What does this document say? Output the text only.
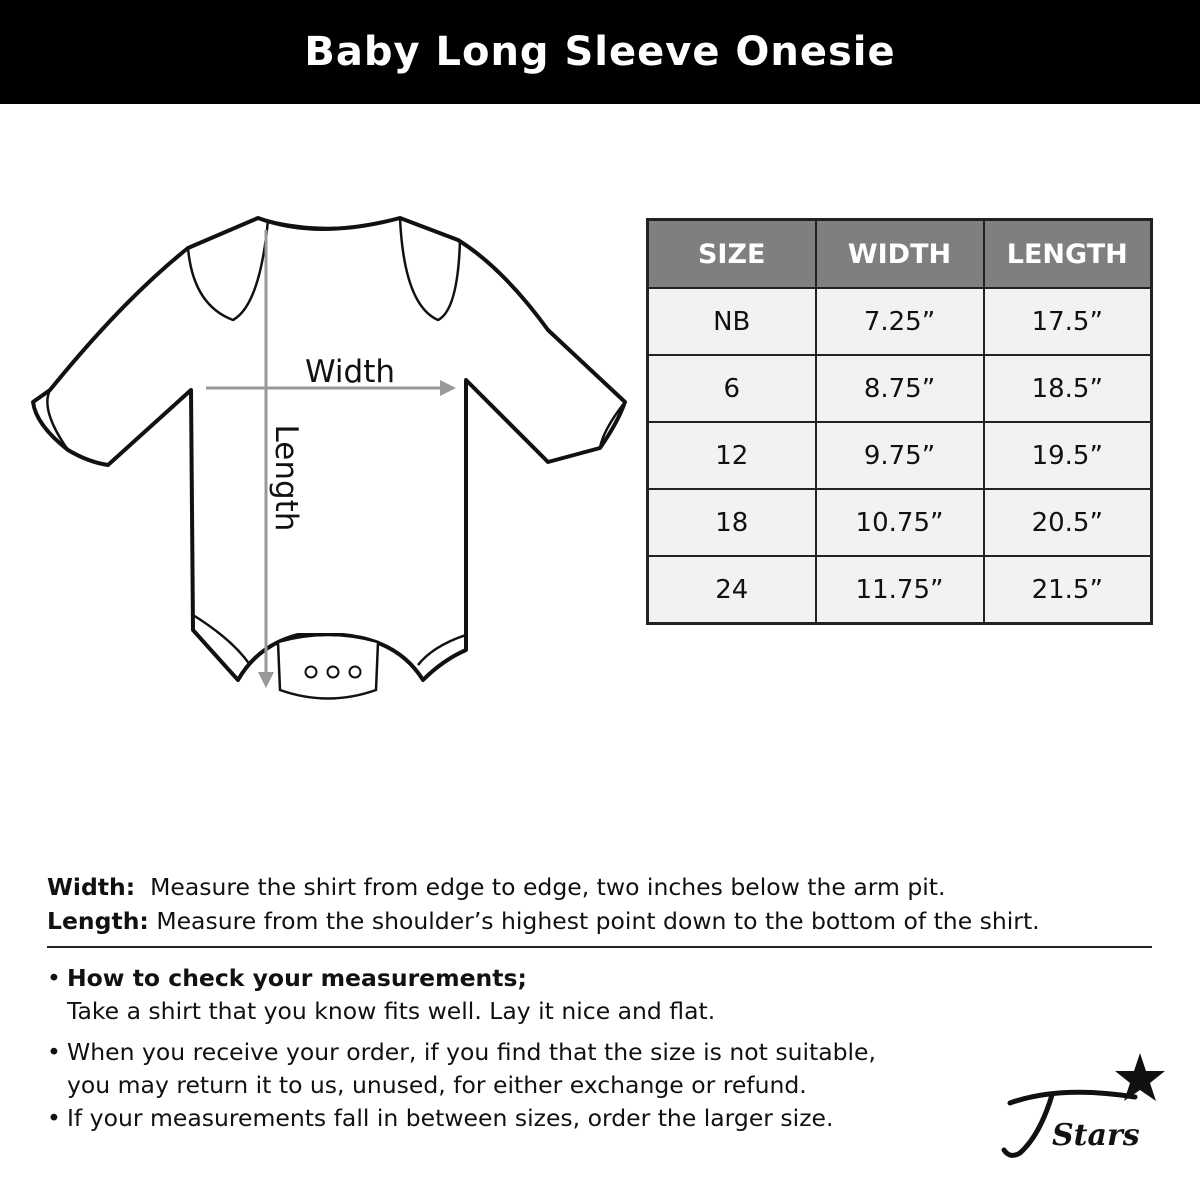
Baby Long Sleeve Onesie
Width
Length
SIZE	WIDTH	LENGTH
NB	7.25”	17.5”
6	8.75”	18.5”
12	9.75”	19.5”
18	10.75”	20.5”
24	11.75”	21.5”
Width: Measure the shirt from edge to edge, two inches below the arm pit.
Length: Measure from the shoulder’s highest point down to the bottom of the shirt.
• How to check your measurements;
Take a shirt that you know fits well. Lay it nice and flat.
• When you receive your order, if you find that the size is not suitable,
you may return it to us, unused, for either exchange or refund.
• If your measurements fall in between sizes, order the larger size.	Stars
